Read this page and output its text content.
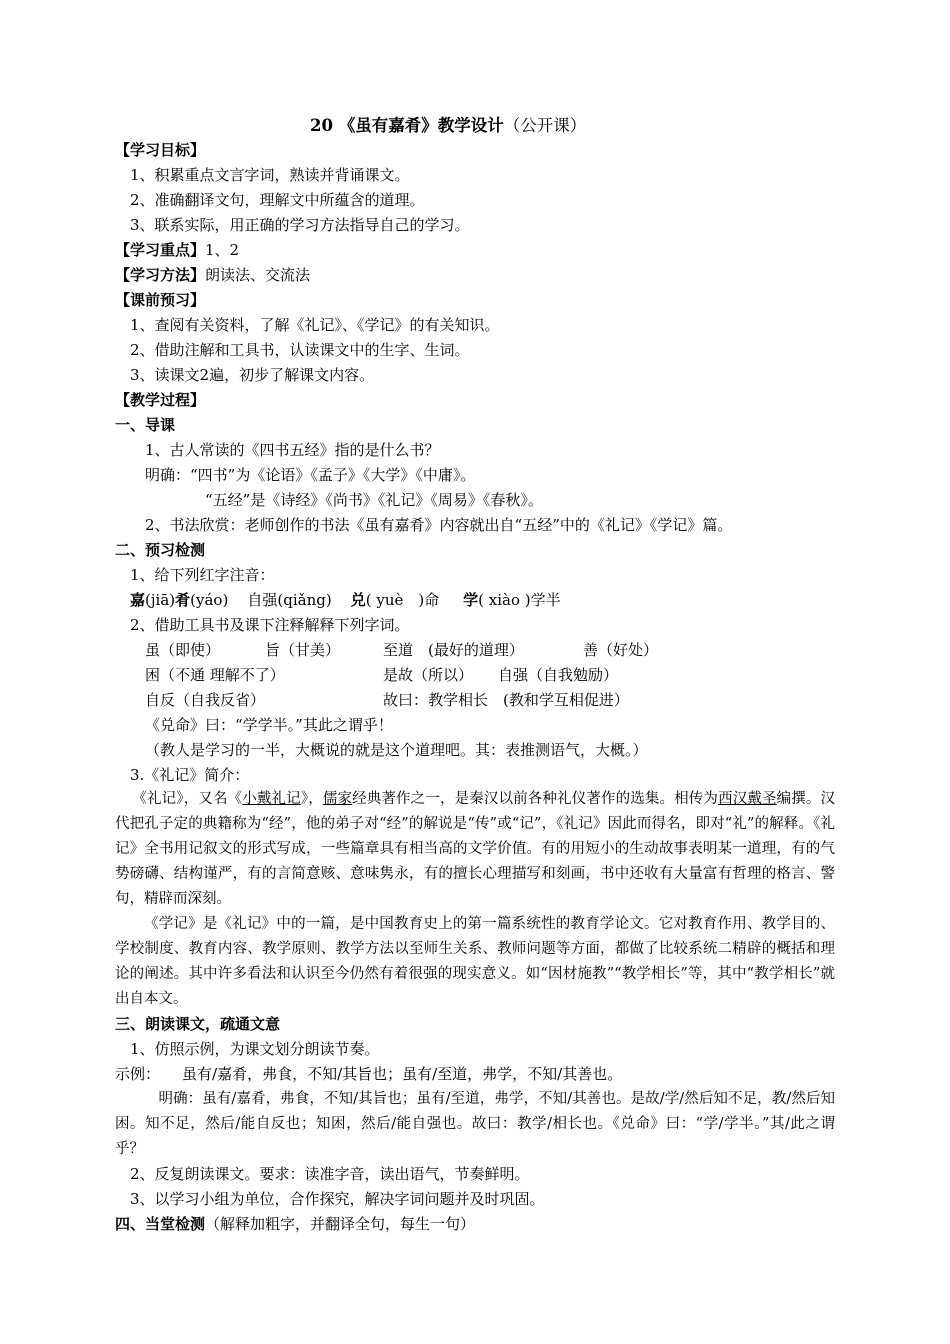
20 《虽有嘉肴》教学设计（公开课）
【学习目标】
1、积累重点文言字词，熟读并背诵课文。
2、准确翻译文句，理解文中所蕴含的道理。
3、联系实际，用正确的学习方法指导自己的学习。
【学习重点】1、2
【学习方法】朗读法、交流法
【课前预习】
1、查阅有关资料，了解《礼记》、《学记》的有关知识。
2、借助注解和工具书，认读课文中的生字、生词。
3、读课文2遍，初步了解课文内容。
【教学过程】
一、导课
1、古人常读的《四书五经》指的是什么书？
明确：“四书”为《论语》《孟子》《大学》《中庸》。
“五经”是《诗经》《尚书》《礼记》《周易》《春秋》。
2、书法欣赏：老师创作的书法《虽有嘉肴》内容就出自“五经”中的《礼记》《学记》篇。
二、预习检测
1、给下列红字注音：
嘉(jiā)肴(yáo) 自强(qiǎng) 兑( yuè　)命 学( xiào )学半
2、借助工具书及课下注释解释下列字词。
虽（即使）	旨（甘美）	至道　(最好的道理）	善（好处）
困（不通 理解不了）	是故（所以） 自强（自我勉励）
自反（自我反省）	故曰：教学相长　(教和学互相促进）
《兑命》曰：“学学半。”其此之谓乎！
（教人是学习的一半，大概说的就是这个道理吧。其：表推测语气，大概。）
3.《礼记》简介：
《礼记》，又名《小戴礼记》，儒家经典著作之一，是秦汉以前各种礼仪著作的选集。相传为西汉戴圣编撰。汉代把孔子定的典籍称为“经”，他的弟子对“经”的解说是“传”或“记”，《礼记》因此而得名，即对“礼”的解释。《礼记》全书用记叙文的形式写成，一些篇章具有相当高的文学价值。有的用短小的生动故事表明某一道理，有的气势磅礴、结构谨严，有的言简意赅、意味隽永，有的擅长心理描写和刻画，书中还收有大量富有哲理的格言、警句，精辟而深刻。
《学记》是《礼记》中的一篇，是中国教育史上的第一篇系统性的教育学论文。它对教育作用、教学目的、学校制度、教育内容、教学原则、教学方法以至师生关系、教师问题等方面，都做了比较系统二精辟的概括和理论的阐述。其中许多看法和认识至今仍然有着很强的现实意义。如“因材施教”“教学相长”等，其中“教学相长”就出自本文。
三、朗读课文，疏通文意
1、仿照示例，为课文划分朗读节奏。
示例： 虽有/嘉肴，弗食，不知/其旨也；虽有/至道，弗学，不知/其善也。
明确：虽有/嘉肴，弗食，不知/其旨也；虽有/至道，弗学，不知/其善也。是故/学/然后知不足，教/然后知困。知不足，然后/能自反也；知困，然后/能自强也。故曰：教学/相长也。《兑命》曰：“学/学半。”其/此之谓乎？
2、反复朗读课文。要求：读准字音，读出语气，节奏鲜明。
3、以学习小组为单位，合作探究，解决字词问题并及时巩固。
四、当堂检测（解释加粗字，并翻译全句，每生一句）
